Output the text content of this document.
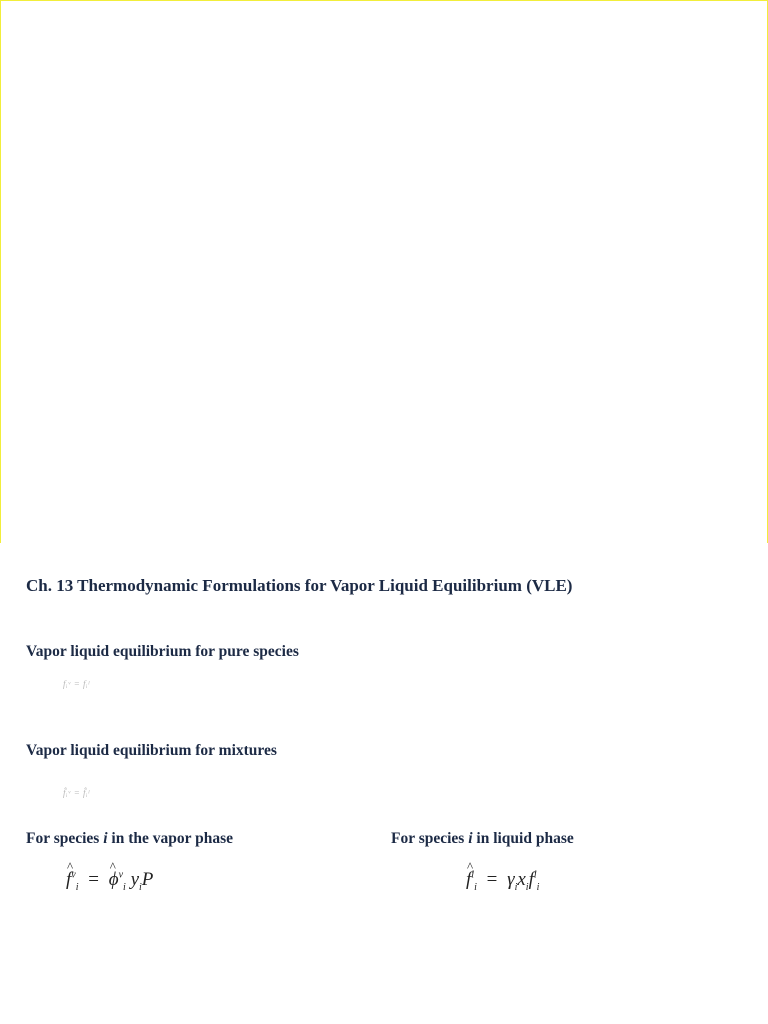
Ch. 13 Thermodynamic Formulations for Vapor Liquid Equilibrium (VLE)
Vapor liquid equilibrium for pure species
fᵢᵛ = fᵢˡ
Vapor liquid equilibrium for mixtures
f̂ᵢᵛ = f̂ᵢˡ
For species i in the vapor phase	For species i in liquid phase
^ $f^v_i$ = ^ $\phi^v_i$ $y_iP$	^ $f^l_i = \gamma_ix_if^l_i$
